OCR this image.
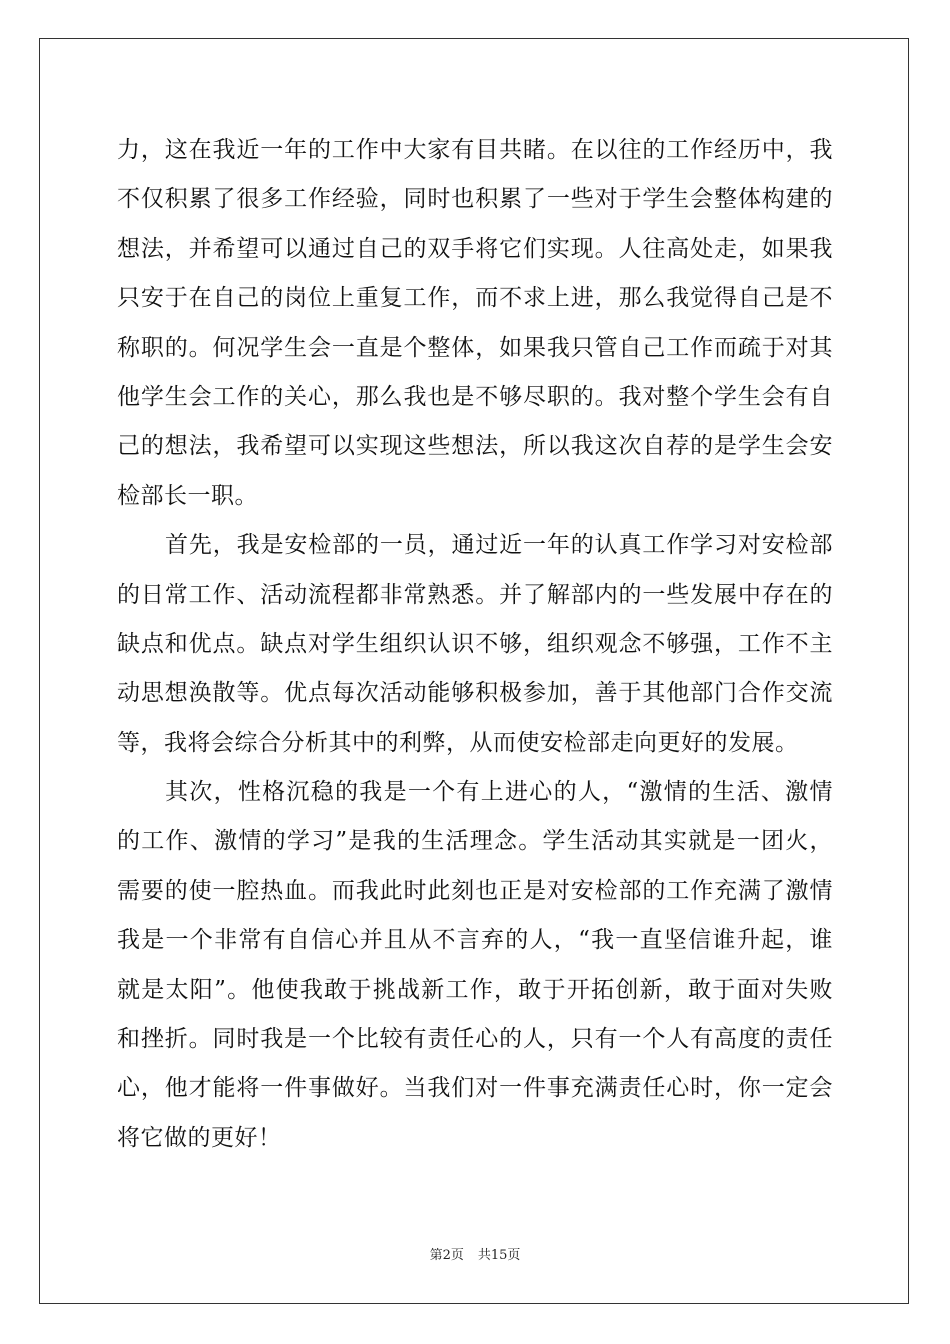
力，这在我近一年的工作中大家有目共睹。在以往的工作经历中，我
不仅积累了很多工作经验，同时也积累了一些对于学生会整体构建的
想法，并希望可以通过自己的双手将它们实现。人往高处走，如果我
只安于在自己的岗位上重复工作，而不求上进，那么我觉得自己是不
称职的。何况学生会一直是个整体，如果我只管自己工作而疏于对其
他学生会工作的关心，那么我也是不够尽职的。我对整个学生会有自
己的想法，我希望可以实现这些想法，所以我这次自荐的是学生会安
检部长一职。
首先，我是安检部的一员，通过近一年的认真工作学习对安检部
的日常工作、活动流程都非常熟悉。并了解部内的一些发展中存在的
缺点和优点。缺点对学生组织认识不够，组织观念不够强，工作不主
动思想涣散等。优点每次活动能够积极参加，善于其他部门合作交流
等，我将会综合分析其中的利弊，从而使安检部走向更好的发展。
其次，性格沉稳的我是一个有上进心的人，“激情的生活、激情
的工作、激情的学习”是我的生活理念。学生活动其实就是一团火，
需要的使一腔热血。而我此时此刻也正是对安检部的工作充满了激情
我是一个非常有自信心并且从不言弃的人，“我一直坚信谁升起，谁
就是太阳”。他使我敢于挑战新工作，敢于开拓创新，敢于面对失败
和挫折。同时我是一个比较有责任心的人，只有一个人有高度的责任
心，他才能将一件事做好。当我们对一件事充满责任心时，你一定会
将它做的更好！
第2页 共15页
